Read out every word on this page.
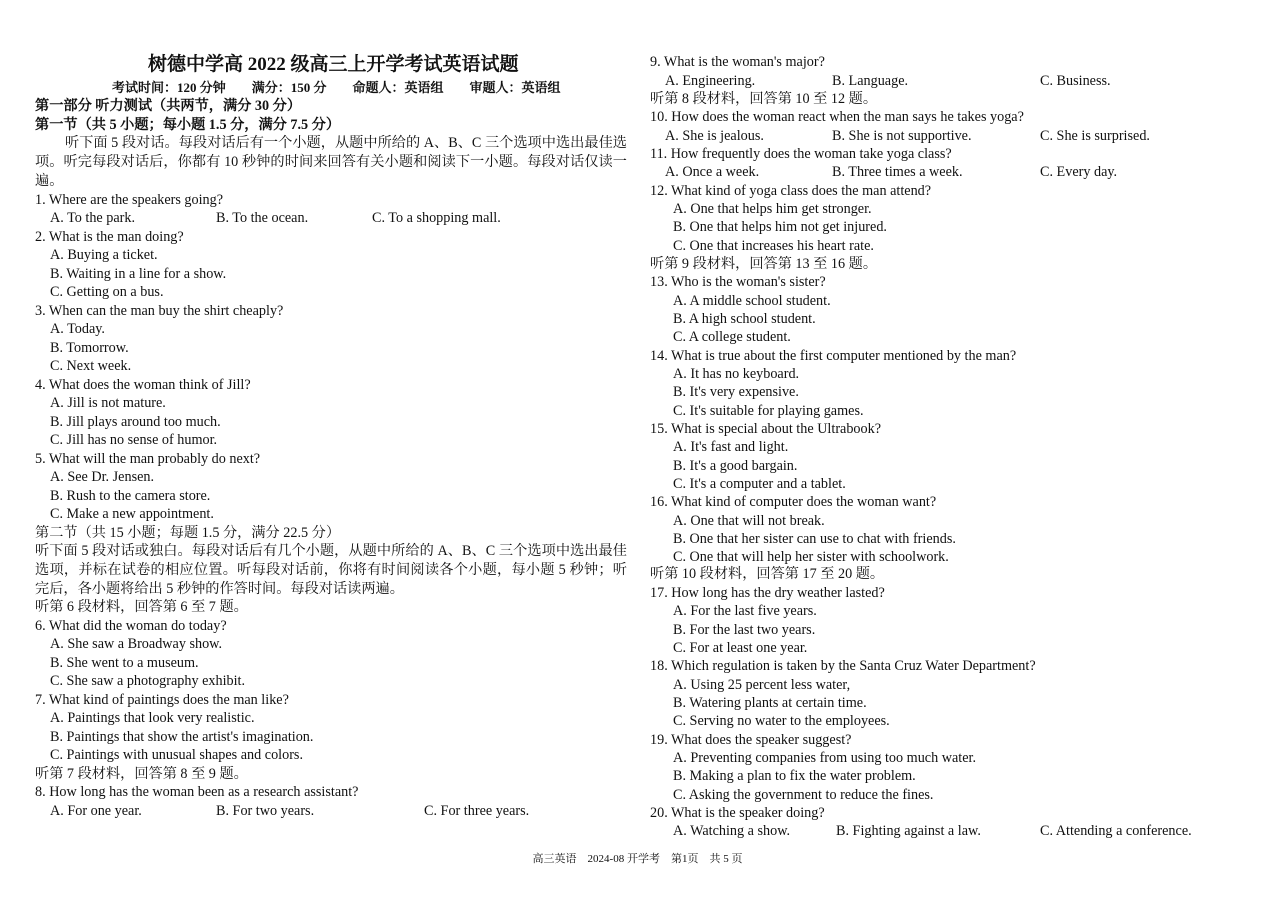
树德中学高 2022 级高三上开学考试英语试题
考试时间：120 分钟　　满分：150 分　　命题人：英语组　　审题人：英语组
第一部分 听力测试（共两节，满分 30 分）
第一节（共 5 小题；每小题 1.5 分，满分 7.5 分）
听下面 5 段对话。每段对话后有一个小题，从题中所给的 A、B、C 三个选项中选出最佳选项。听完每段对话后，你都有 10 秒钟的时间来回答有关小题和阅读下一小题。每段对话仅读一遍。
1. Where are the speakers going?
A. To the park.	B. To the ocean.	C. To a shopping mall.
2. What is the man doing?
A. Buying a ticket.
B. Waiting in a line for a show.
C. Getting on a bus.
3. When can the man buy the shirt cheaply?
A. Today.
B. Tomorrow.
C. Next week.
4. What does the woman think of Jill?
A. Jill is not mature.
B. Jill plays around too much.
C. Jill has no sense of humor.
5. What will the man probably do next?
A. See Dr. Jensen.
B. Rush to the camera store.
C. Make a new appointment.
第二节（共 15 小题；每题 1.5 分，满分 22.5 分）
听下面 5 段对话或独白。每段对话后有几个小题，从题中所给的 A、B、C 三个选项中选出最佳选项，并标在试卷的相应位置。听每段对话前，你将有时间阅读各个小题，每小题 5 秒钟；听完后，各小题将给出 5 秒钟的作答时间。每段对话读两遍。
听第 6 段材料，回答第 6 至 7 题。
6. What did the woman do today?
A. She saw a Broadway show.
B. She went to a museum.
C. She saw a photography exhibit.
7. What kind of paintings does the man like?
A. Paintings that look very realistic.
B. Paintings that show the artist's imagination.
C. Paintings with unusual shapes and colors.
听第 7 段材料，回答第 8 至 9 题。
8. How long has the woman been as a research assistant?
A. For one year.	B. For two years.	C. For three years.
9. What is the woman's major?
A. Engineering.	B. Language.	C. Business.
听第 8 段材料，回答第 10 至 12 题。
10. How does the woman react when the man says he takes yoga?
A. She is jealous.	B. She is not supportive.	C. She is surprised.
11. How frequently does the woman take yoga class?
A. Once a week.	B. Three times a week.	C. Every day.
12. What kind of yoga class does the man attend?
A. One that helps him get stronger.
B. One that helps him not get injured.
C. One that increases his heart rate.
听第 9 段材料，回答第 13 至 16 题。
13. Who is the woman's sister?
A. A middle school student.
B. A high school student.
C. A college student.
14. What is true about the first computer mentioned by the man?
A. It has no keyboard.
B. It's very expensive.
C. It's suitable for playing games.
15. What is special about the Ultrabook?
A. It's fast and light.
B. It's a good bargain.
C. It's a computer and a tablet.
16. What kind of computer does the woman want?
A. One that will not break.
B. One that her sister can use to chat with friends.
C. One that will help her sister with schoolwork.
听第 10 段材料，回答第 17 至 20 题。
17. How long has the dry weather lasted?
A. For the last five years.
B. For the last two years.
C. For at least one year.
18. Which regulation is taken by the Santa Cruz Water Department?
A. Using 25 percent less water,
B. Watering plants at certain time.
C. Serving no water to the employees.
19. What does the speaker suggest?
A. Preventing companies from using too much water.
B. Making a plan to fix the water problem.
C. Asking the government to reduce the fines.
20. What is the speaker doing?
A. Watching a show.	B. Fighting against a law.	C. Attending a conference.
高三英语　2024-08 开学考　第1页　共 5 页
